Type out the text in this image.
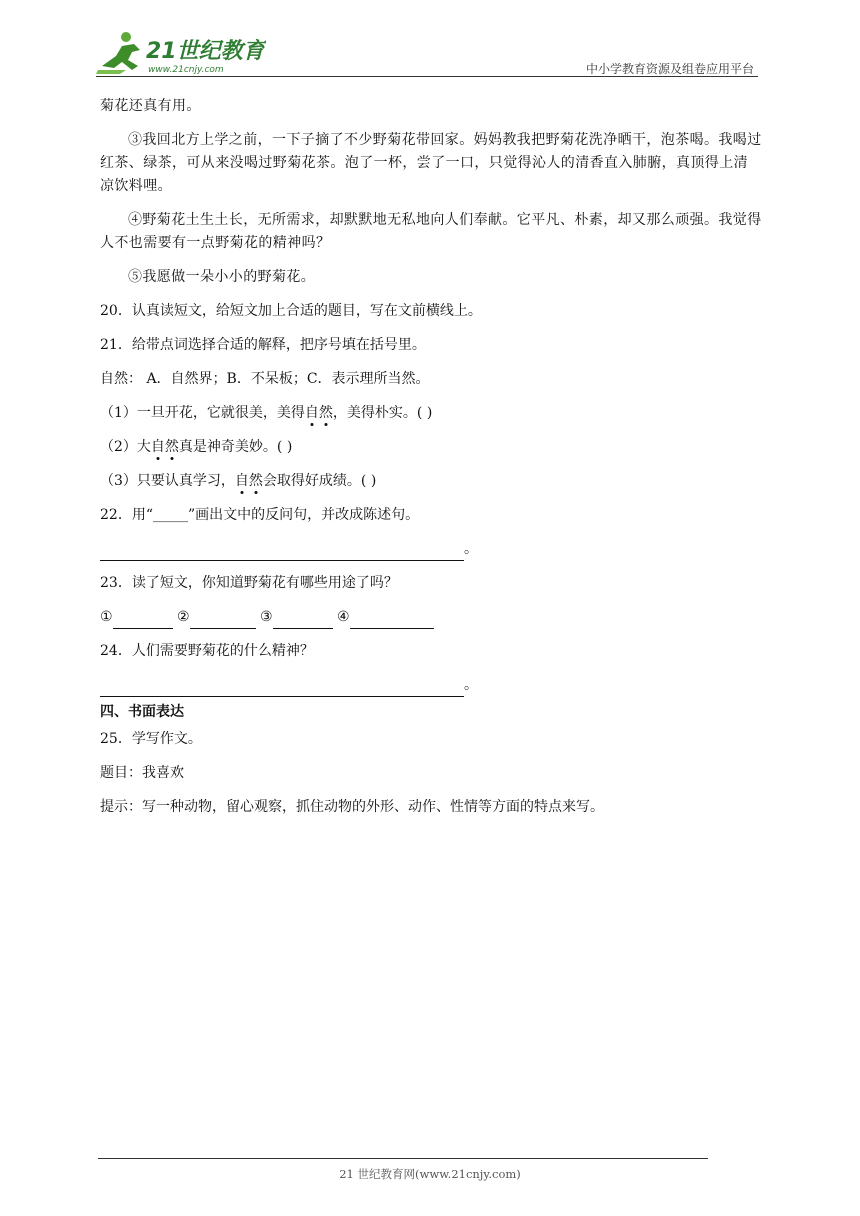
21世纪教育
www.21cnjy.com	中小学教育资源及组卷应用平台

菊花还真有用。

③我回北方上学之前，一下子摘了不少野菊花带回家。妈妈教我把野菊花洗净晒干，泡茶喝。我喝过红茶、绿茶，可从来没喝过野菊花茶。泡了一杯，尝了一口，只觉得沁人的清香直入肺腑，真顶得上清凉饮料哩。

④野菊花土生土长，无所需求，却默默地无私地向人们奉献。它平凡、朴素，却又那么顽强。我觉得人不也需要有一点野菊花的精神吗？

⑤我愿做一朵小小的野菊花。

20．认真读短文，给短文加上合适的题目，写在文前横线上。

21．给带点词选择合适的解释，把序号填在括号里。

自然： A．自然界；B．不呆板；C．表示理所当然。

（1）一旦开花，它就很美，美得自然，美得朴实。( )

（2）大自然真是神奇美妙。( )

（3）只要认真学习，自然会取得好成绩。( )

22．用“_____”画出文中的反问句，并改成陈述句。

。

23．读了短文，你知道野菊花有哪些用途了吗？

①	②	③	④

24．人们需要野菊花的什么精神？

。

四、书面表达

25．学写作文。

题目：我喜欢

提示：写一种动物，留心观察，抓住动物的外形、动作、性情等方面的特点来写。

21 世纪教育网(www.21cnjy.com)
